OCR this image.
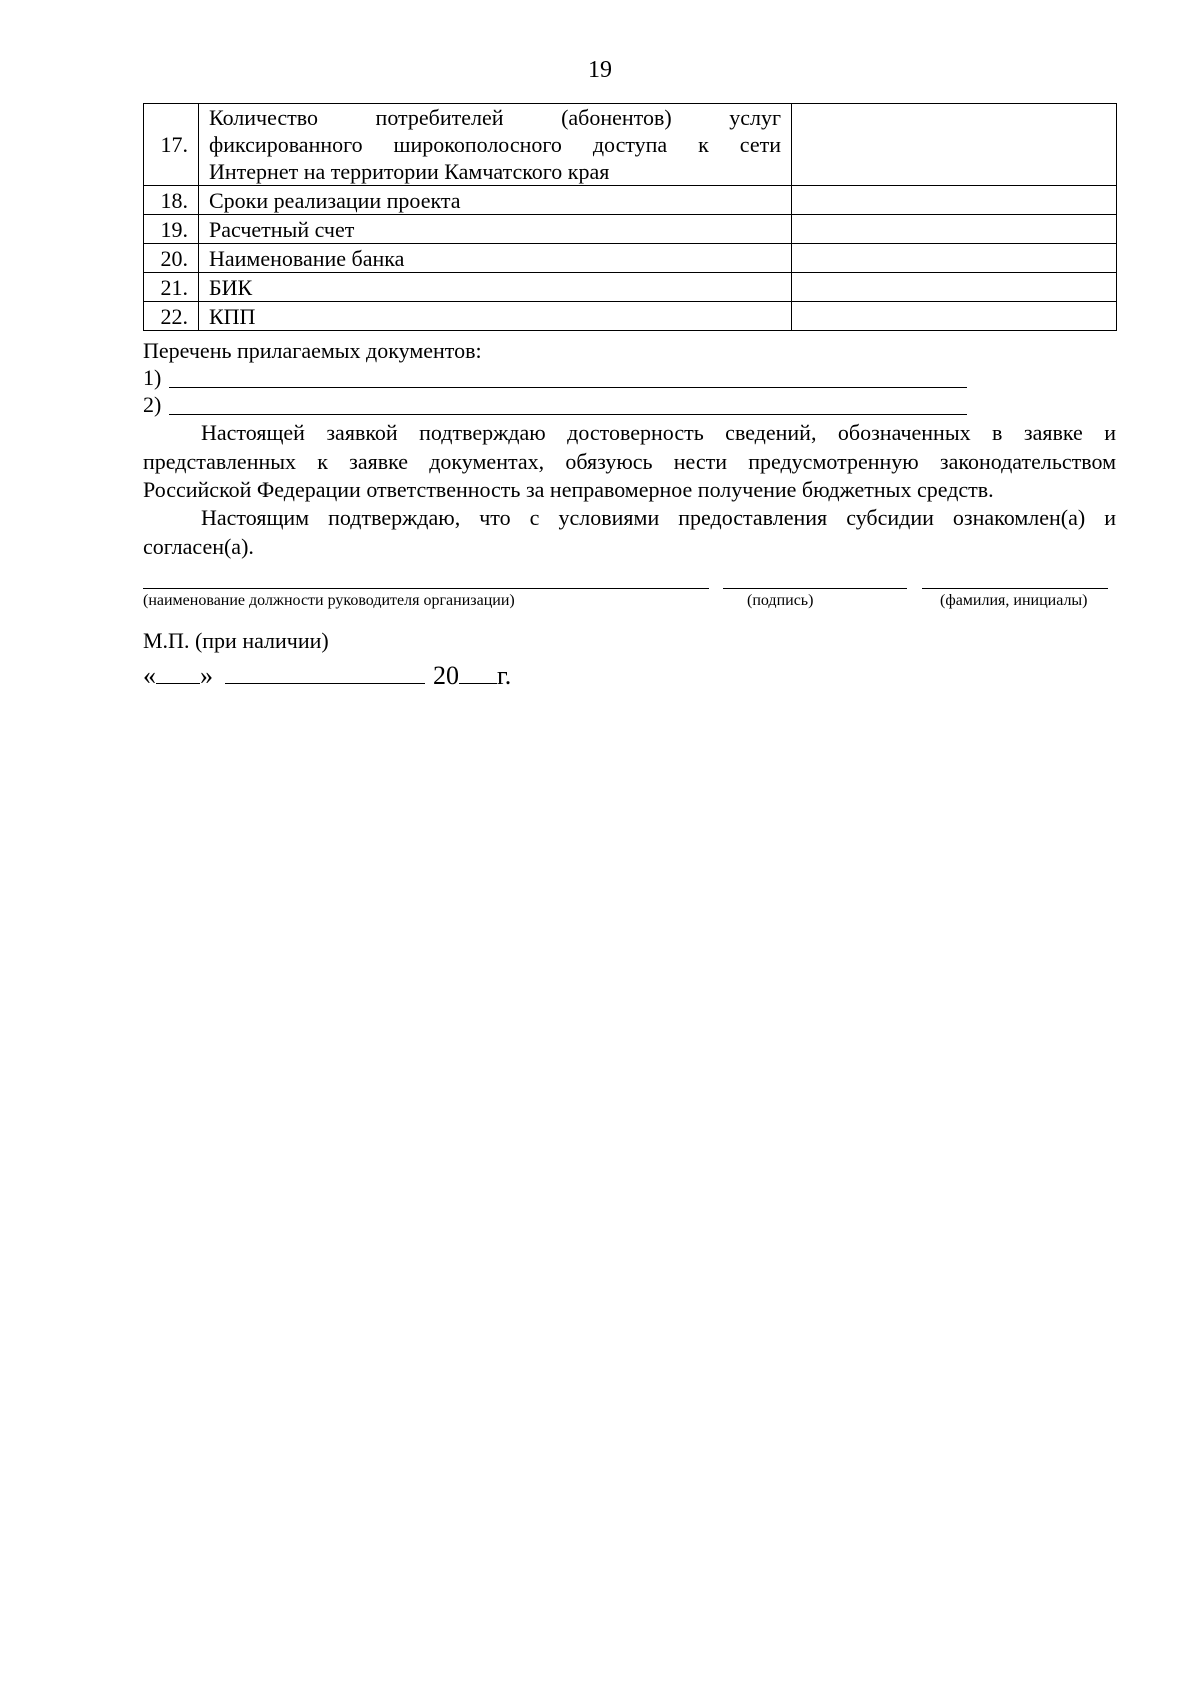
19
17.	Количество потребителей (абонентов) услуг
фиксированного широкополосного доступа к сети
Интернет на территории Камчатского края	

18.	Сроки реализации проекта	
19.	Расчетный счет	
20.	Наименование банка	
21.	БИК	
22.	КПП	
Перечень прилагаемых документов:
1)
2)

Настоящей заявкой подтверждаю достоверность сведений, обозначенных в заявке и представленных к заявке документах, обязуюсь нести предусмотренную законодательством Российской Федерации ответственность за неправомерное получение бюджетных средств.

Настоящим подтверждаю, что с условиями предоставления субсидии ознакомлен(а) и согласен(а).

(наименование должности руководителя организации)	(подпись)	(фамилия, инициалы)
М.П. (при наличии)
« »	20 г.
